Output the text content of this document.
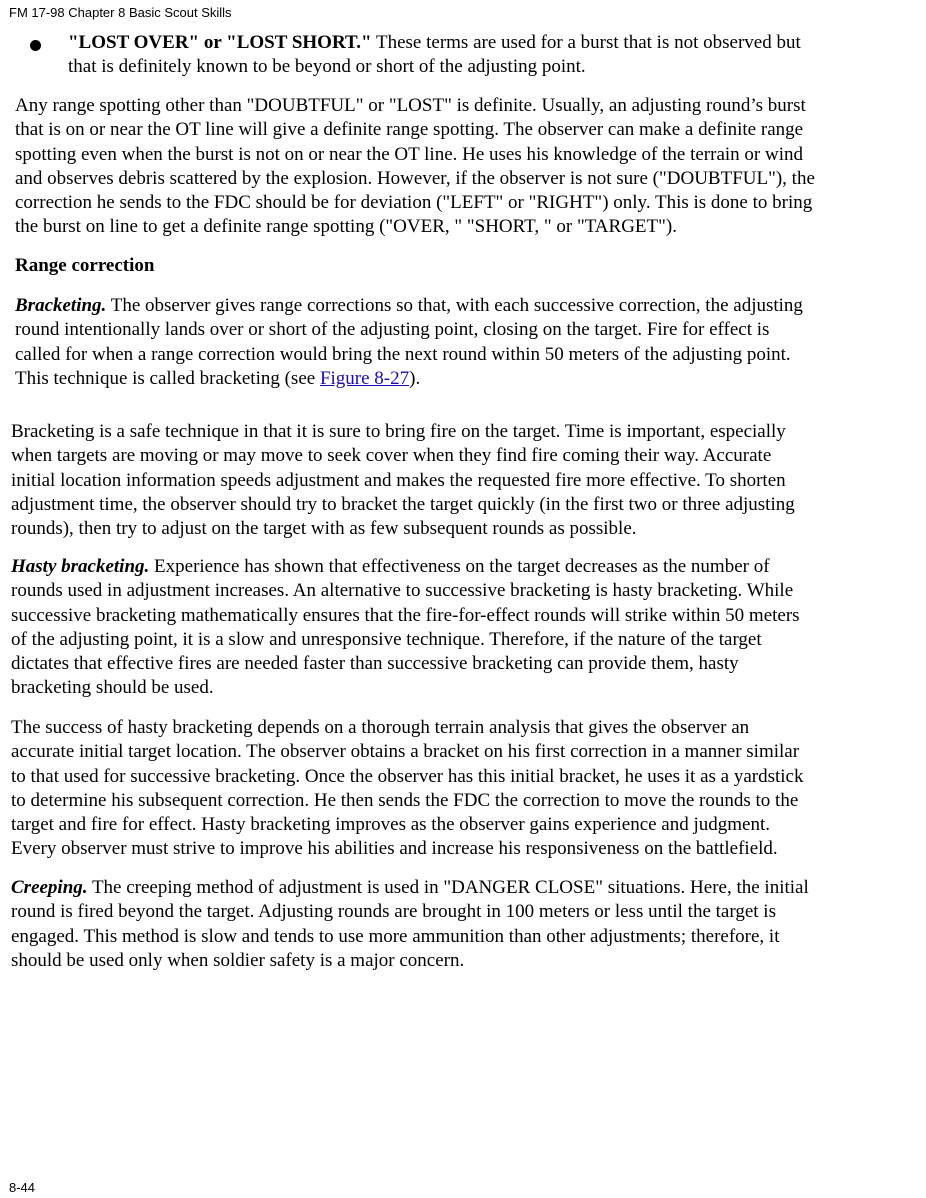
FM 17-98 Chapter 8 Basic Scout Skills
"LOST OVER" or "LOST SHORT." These terms are used for a burst that is not observed but
that is definitely known to be beyond or short of the adjusting point.
Any range spotting other than "DOUBTFUL" or "LOST" is definite. Usually, an adjusting round’s burst
that is on or near the OT line will give a definite range spotting. The observer can make a definite range
spotting even when the burst is not on or near the OT line. He uses his knowledge of the terrain or wind
and observes debris scattered by the explosion. However, if the observer is not sure ("DOUBTFUL"), the
correction he sends to the FDC should be for deviation ("LEFT" or "RIGHT") only. This is done to bring
the burst on line to get a definite range spotting ("OVER, " "SHORT, " or "TARGET").
Range correction
Bracketing. The observer gives range corrections so that, with each successive correction, the adjusting
round intentionally lands over or short of the adjusting point, closing on the target. Fire for effect is
called for when a range correction would bring the next round within 50 meters of the adjusting point.
This technique is called bracketing (see Figure 8-27).
Bracketing is a safe technique in that it is sure to bring fire on the target. Time is important, especially
when targets are moving or may move to seek cover when they find fire coming their way. Accurate
initial location information speeds adjustment and makes the requested fire more effective. To shorten
adjustment time, the observer should try to bracket the target quickly (in the first two or three adjusting
rounds), then try to adjust on the target with as few subsequent rounds as possible.
Hasty bracketing. Experience has shown that effectiveness on the target decreases as the number of
rounds used in adjustment increases. An alternative to successive bracketing is hasty bracketing. While
successive bracketing mathematically ensures that the fire-for-effect rounds will strike within 50 meters
of the adjusting point, it is a slow and unresponsive technique. Therefore, if the nature of the target
dictates that effective fires are needed faster than successive bracketing can provide them, hasty
bracketing should be used.
The success of hasty bracketing depends on a thorough terrain analysis that gives the observer an
accurate initial target location. The observer obtains a bracket on his first correction in a manner similar
to that used for successive bracketing. Once the observer has this initial bracket, he uses it as a yardstick
to determine his subsequent correction. He then sends the FDC the correction to move the rounds to the
target and fire for effect. Hasty bracketing improves as the observer gains experience and judgment.
Every observer must strive to improve his abilities and increase his responsiveness on the battlefield.
Creeping. The creeping method of adjustment is used in "DANGER CLOSE" situations. Here, the initial
round is fired beyond the target. Adjusting rounds are brought in 100 meters or less until the target is
engaged. This method is slow and tends to use more ammunition than other adjustments; therefore, it
should be used only when soldier safety is a major concern.
8-44
